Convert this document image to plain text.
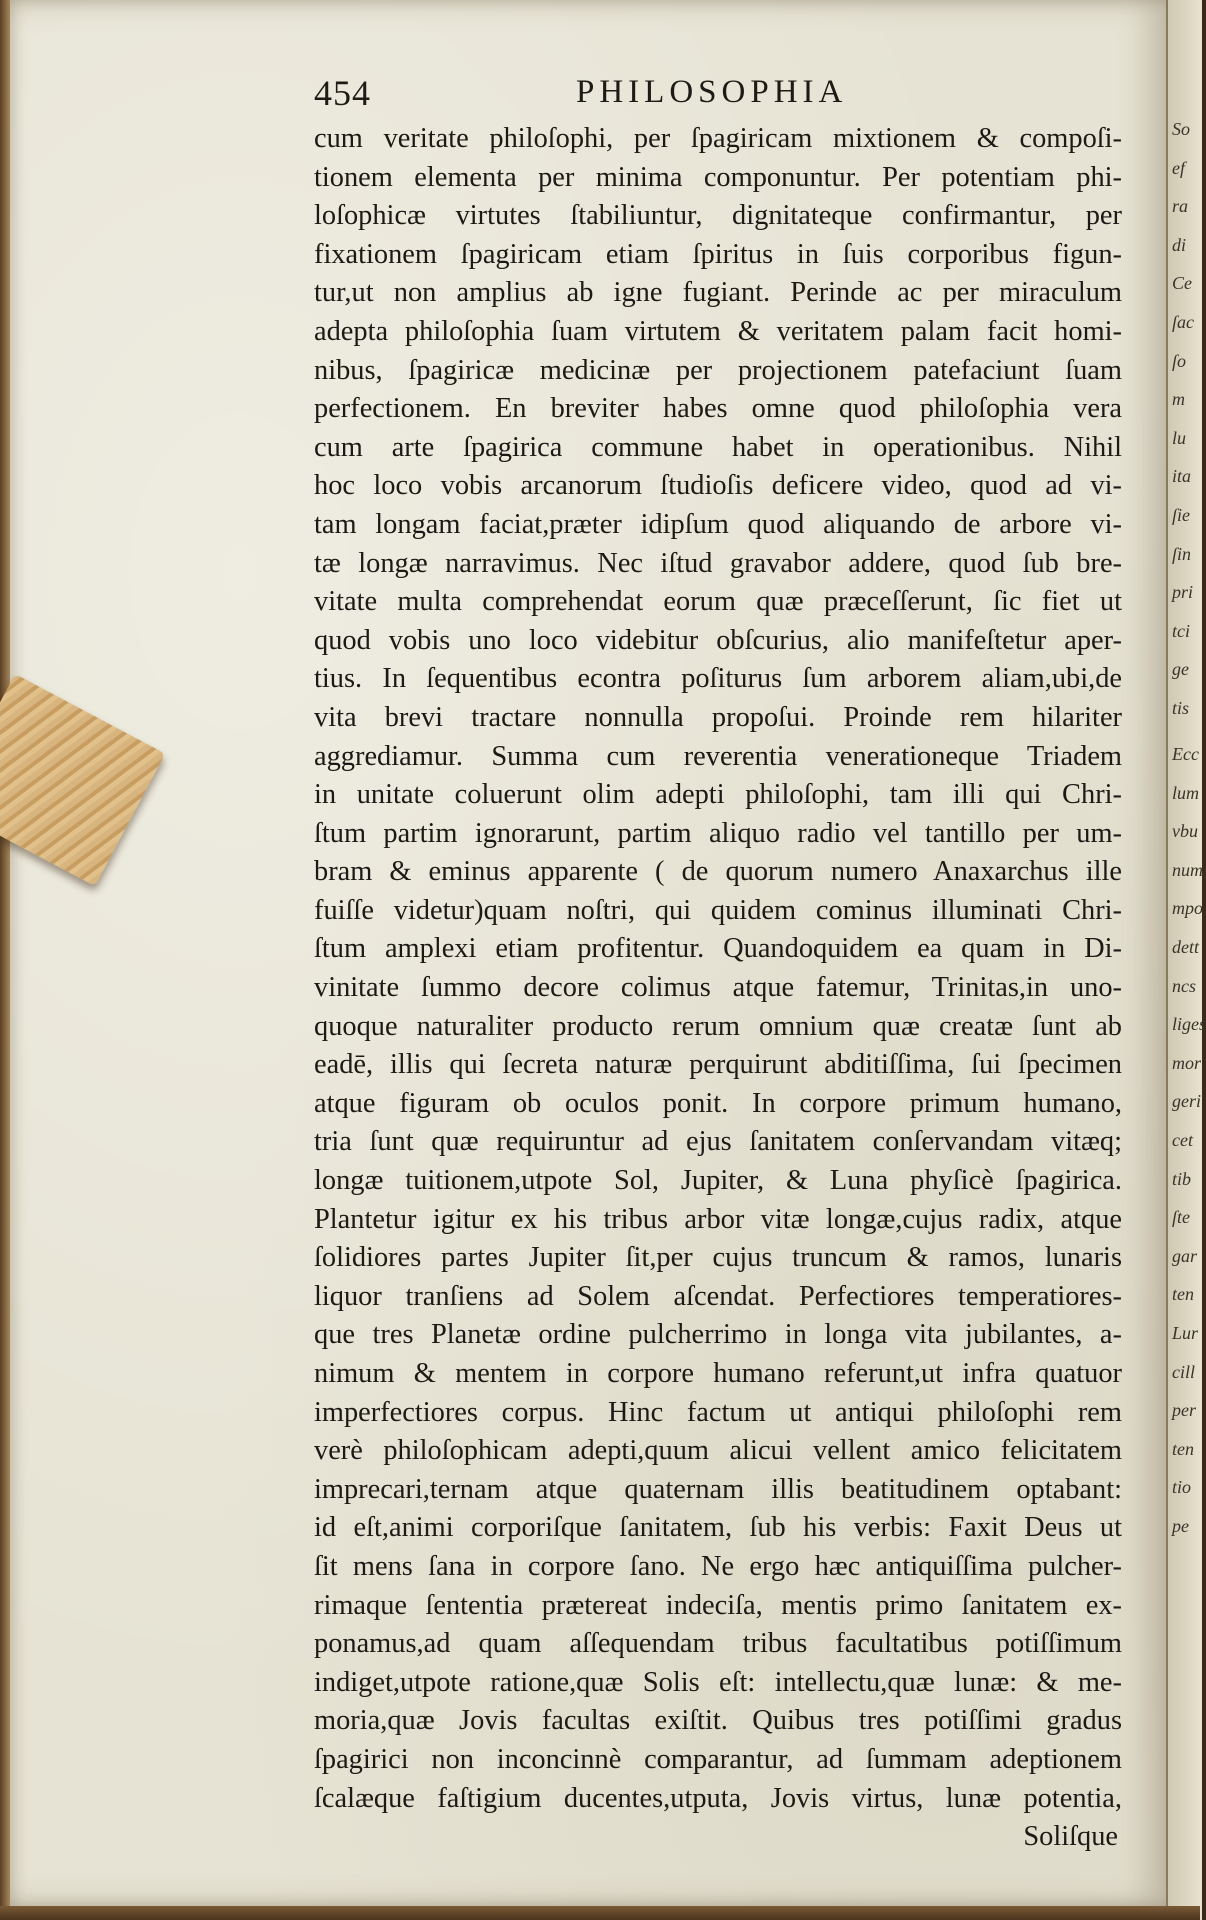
454	PHILOSOPHIA
cum veritate philoſophi, per ſpagiricam mixtionem & compoſi-
tionem elementa per minima componuntur. Per potentiam phi-
loſophicæ virtutes ſtabiliuntur, dignitateque confirmantur, per
fixationem ſpagiricam etiam ſpiritus in ſuis corporibus figun-
tur,ut non amplius ab igne fugiant. Perinde ac per miraculum
adepta philoſophia ſuam virtutem & veritatem palam facit homi-
nibus, ſpagiricæ medicinæ per projectionem patefaciunt ſuam
perfectionem. En breviter habes omne quod philoſophia vera
cum arte ſpagirica commune habet in operationibus. Nihil
hoc loco vobis arcanorum ſtudioſis deficere video, quod ad vi-
tam longam faciat,præter idipſum quod aliquando de arbore vi-
tæ longæ narravimus. Nec iſtud gravabor addere, quod ſub bre-
vitate multa comprehendat eorum quæ præceſſerunt, ſic fiet ut
quod vobis uno loco videbitur obſcurius, alio manifeſtetur aper-
tius. In ſequentibus econtra poſiturus ſum arborem aliam,ubi,de
vita brevi tractare nonnulla propoſui. Proinde rem hilariter
aggrediamur. Summa cum reverentia venerationeque Triadem
in unitate coluerunt olim adepti philoſophi, tam illi qui Chri-
ſtum partim ignorarunt, partim aliquo radio vel tantillo per um-
bram & eminus apparente ( de quorum numero Anaxarchus ille
fuiſſe videtur)quam noſtri, qui quidem cominus illuminati Chri-
ſtum amplexi etiam profitentur. Quandoquidem ea quam in Di-
vinitate ſummo decore colimus atque fatemur, Trinitas,in uno-
quoque naturaliter producto rerum omnium quæ creatæ ſunt ab
eadē, illis qui ſecreta naturæ perquirunt abditiſſima, ſui ſpecimen
atque figuram ob oculos ponit. In corpore primum humano,
tria ſunt quæ requiruntur ad ejus ſanitatem conſervandam vitæq;
longæ tuitionem,utpote Sol, Jupiter, & Luna phyſicè ſpagirica.
Plantetur igitur ex his tribus arbor vitæ longæ,cujus radix, atque
ſolidiores partes Jupiter ſit,per cujus truncum & ramos, lunaris
liquor tranſiens ad Solem aſcendat. Perfectiores temperatiores-
que tres Planetæ ordine pulcherrimo in longa vita jubilantes, a-
nimum & mentem in corpore humano referunt,ut infra quatuor
imperfectiores corpus. Hinc factum ut antiqui philoſophi rem
verè philoſophicam adepti,quum alicui vellent amico felicitatem
imprecari,ternam atque quaternam illis beatitudinem optabant:
id eſt,animi corporiſque ſanitatem, ſub his verbis: Faxit Deus ut
ſit mens ſana in corpore ſano. Ne ergo hæc antiquiſſima pulcher-
rimaque ſententia prætereat indeciſa, mentis primo ſanitatem ex-
ponamus,ad quam aſſequendam tribus facultatibus potiſſimum
indiget,utpote ratione,quæ Solis eſt: intellectu,quæ lunæ: & me-
moria,quæ Jovis facultas exiſtit. Quibus tres potiſſimi gradus
ſpagirici non inconcinnè comparantur, ad ſummam adeptionem
ſcalæque faſtigium ducentes,utputa, Jovis virtus, lunæ potentia,
Soliſque
So
ef
ra
di
Ce
ſac
ſo
m
lu
ita
ſie
ſin
pri
tci
ge
tis
Ecc
lum
vbu
num
mpo
dett
ncs
liges
mor
geri
cet
tib
ſte
gar
ten
Lur
cill
per
ten
tio
pe
